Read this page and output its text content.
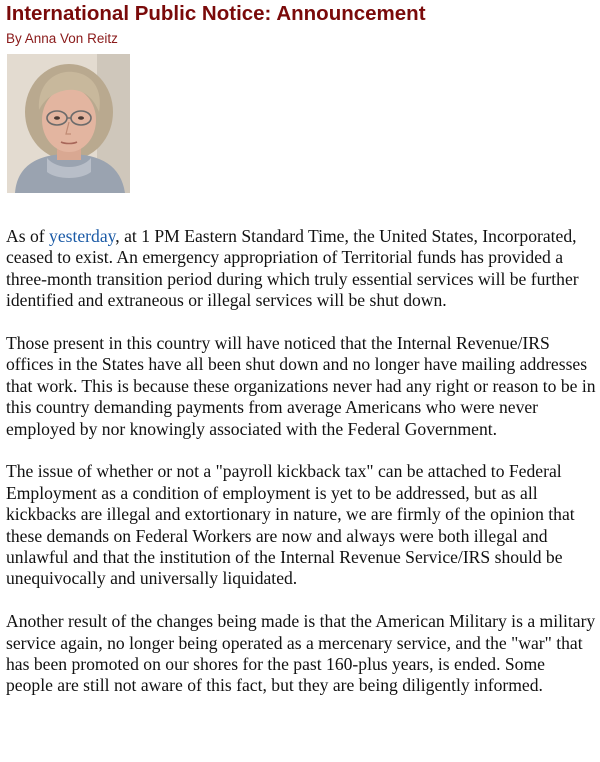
International Public Notice: Announcement
By Anna Von Reitz

As of yesterday, at 1 PM Eastern Standard Time, the United States, Incorporated, ceased to exist. An emergency appropriation of Territorial funds has provided a three-month transition period during which truly essential services will be further identified and extraneous or illegal services will be shut down.

Those present in this country will have noticed that the Internal Revenue/IRS offices in the States have all been shut down and no longer have mailing addresses that work. This is because these organizations never had any right or reason to be in this country demanding payments from average Americans who were never employed by nor knowingly associated with the Federal Government.

The issue of whether or not a "payroll kickback tax" can be attached to Federal Employment as a condition of employment is yet to be addressed, but as all kickbacks are illegal and extortionary in nature, we are firmly of the opinion that these demands on Federal Workers are now and always were both illegal and unlawful and that the institution of the Internal Revenue Service/IRS should be unequivocally and universally liquidated.

Another result of the changes being made is that the American Military is a military service again, no longer being operated as a mercenary service, and the "war" that has been promoted on our shores for the past 160-plus years, is ended. Some people are still not aware of this fact, but they are being diligently informed.
